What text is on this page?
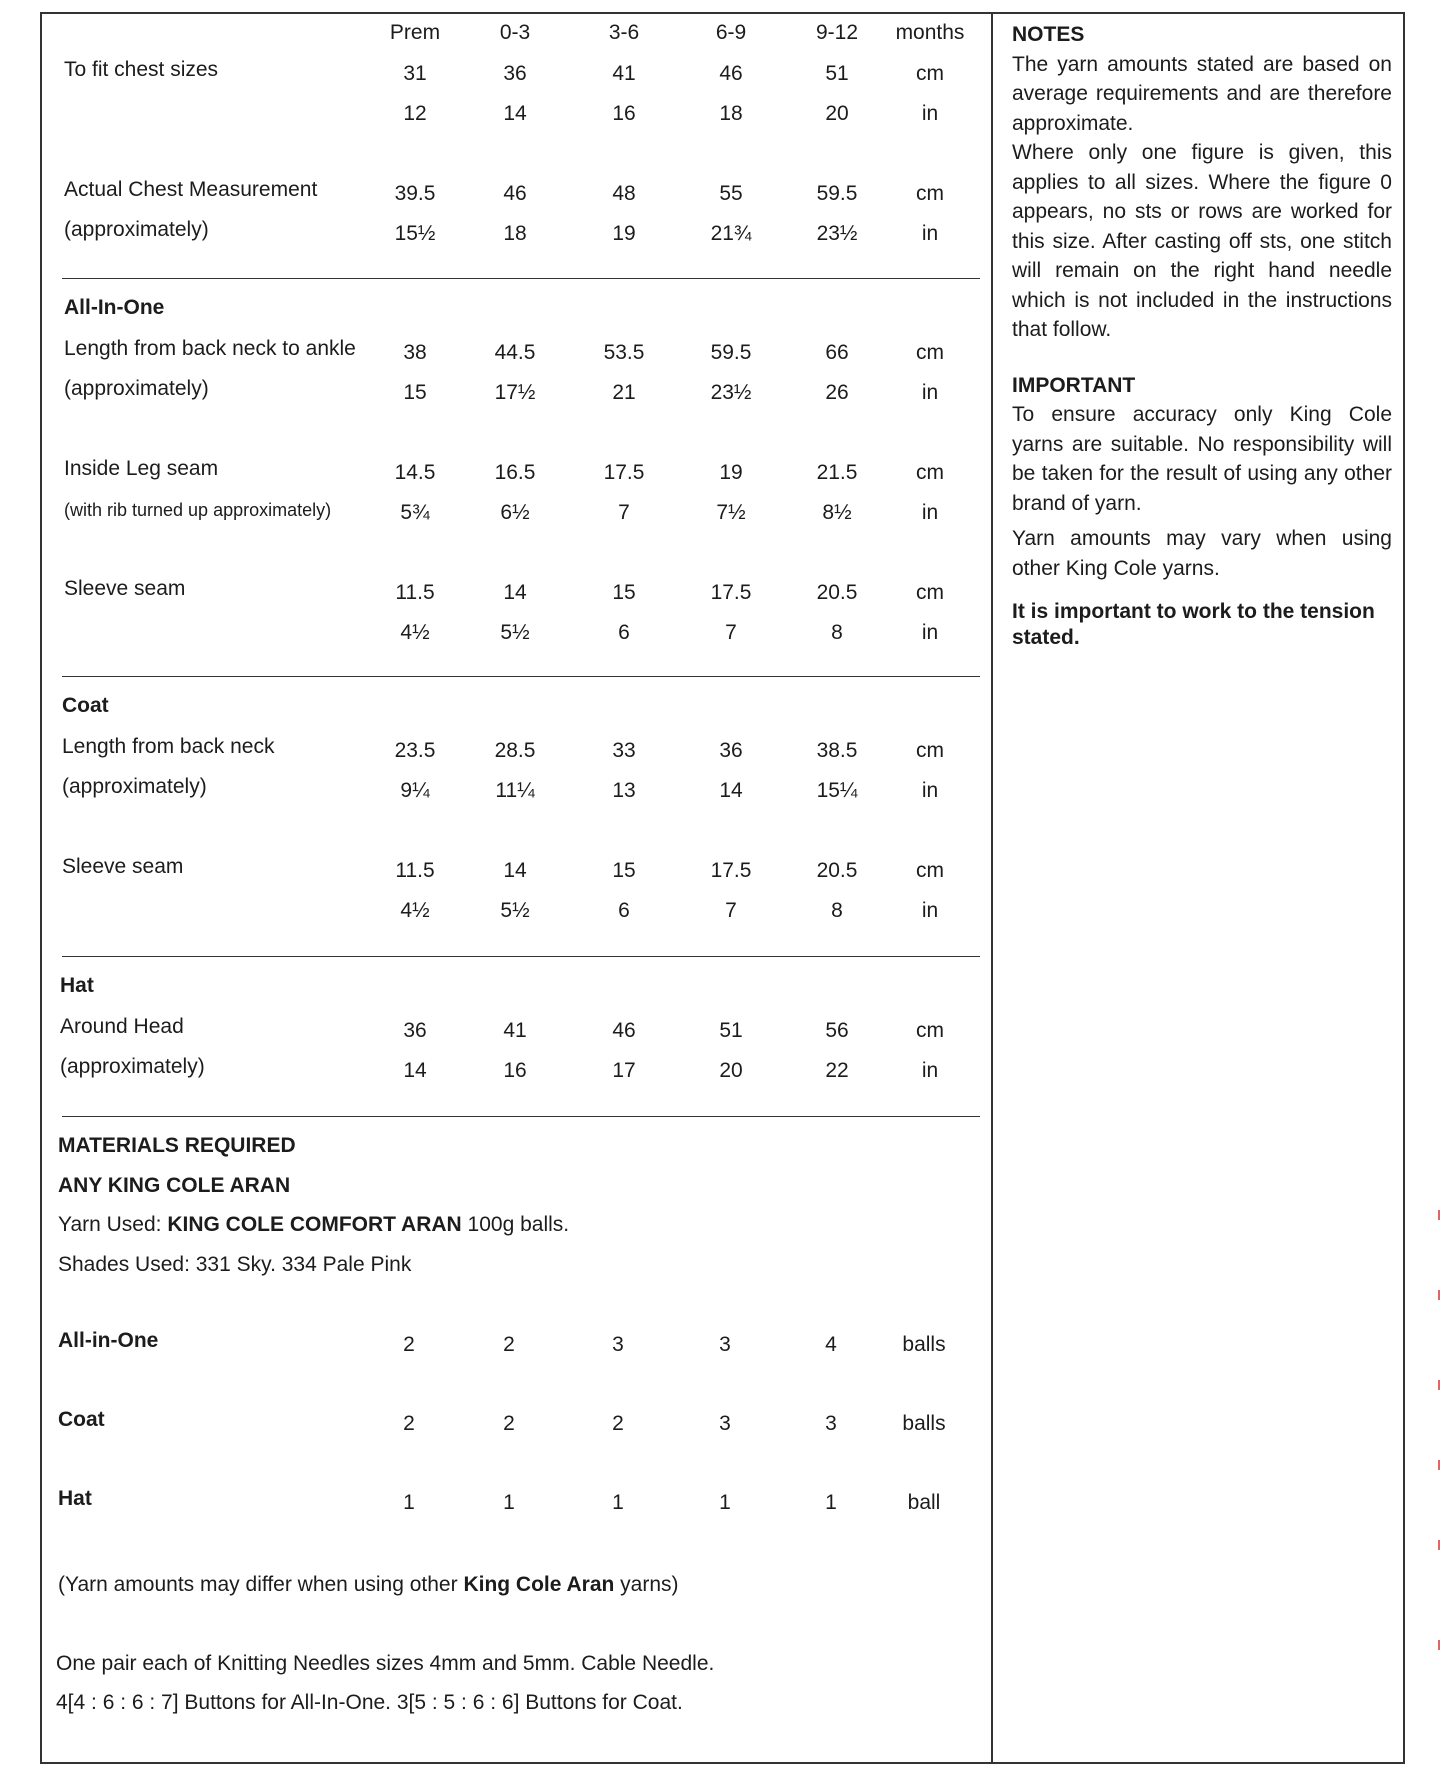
Prem	0-3	3-6	6-9	9-12 months
To fit chest sizes	31	36	41	46	51	cm
12	14	16	18	20	in
Actual Chest Measurement
(approximately)
39.5	46	48	55	59.5	cm
15½	18	19	21¾	23½	in
All-In-One
Length from back neck to ankle
(approximately)
38	44.5	53.5	59.5	66	cm
15	17½	21	23½	26	in
Inside Leg seam
(with rib turned up approximately)
14.5	16.5	17.5	19	21.5	cm
5¾	6½	7	7½	8½	in
Sleeve seam	11.5	14	15	17.5	20.5	cm
4½	5½	6	7	8	in
Coat
Length from back neck
(approximately)
23.5	28.5	33	36	38.5	cm
9¼	11¼	13	14	15¼	in
Sleeve seam	11.5	14	15	17.5	20.5	cm
4½	5½	6	7	8	in
Hat
Around Head
(approximately)
36	41	46	51	56	cm
14	16	17	20	22	in
MATERIALS REQUIRED
ANY KING COLE ARAN
Yarn Used: KING COLE COMFORT ARAN 100g balls.
Shades Used: 331 Sky. 334 Pale Pink
All-in-One	2	2	3	3	4	balls
Coat	2	2	2	3	3	balls
Hat	1	1	1	1	1	ball
(Yarn amounts may differ when using other King Cole Aran yarns)
One pair each of Knitting Needles sizes 4mm and 5mm. Cable Needle.
4[4 : 6 : 6 : 7] Buttons for All-In-One. 3[5 : 5 : 6 : 6] Buttons for Coat.

NOTES

The yarn amounts stated are based on average requirements and are therefore approximate.

Where only one figure is given, this applies to all sizes. Where the figure 0 appears, no sts or rows are worked for this size. After casting off sts, one stitch will remain on the right hand needle which is not included in the instructions that follow.

IMPORTANT

To ensure accuracy only King Cole yarns are suitable. No responsibility will be taken for the result of using any other brand of yarn.

Yarn amounts may vary when using other King Cole yarns.

It is important to work to the tension stated.
